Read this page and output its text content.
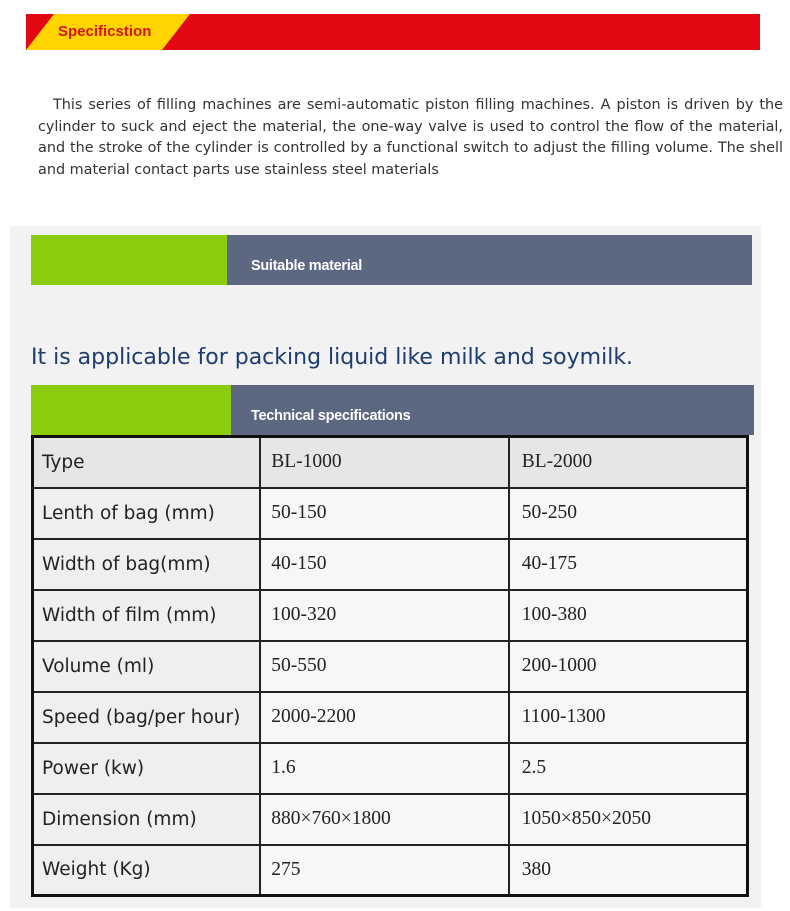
Specificstion

This series of filling machines are semi-automatic piston filling machines. A piston is driven by the cylinder to suck and eject the material, the one-way valve is used to control the flow of the material, and the stroke of the cylinder is controlled by a functional switch to adjust the filling volume. The shell and material contact parts use stainless steel materials

Suitable material
It is applicable for packing liquid like milk and soymilk.
Technical specifications
Type	BL-1000	BL-2000
Lenth of bag (mm)	50-150	50-250
Width of bag(mm)	40-150	40-175
Width of film (mm)	100-320	100-380
Volume (ml)	50-550	200-1000
Speed (bag/per hour)	2000-2200	1100-1300
Power (kw)	1.6	2.5
Dimension (mm)	880×760×1800	1050×850×2050
Weight (Kg)	275	380
